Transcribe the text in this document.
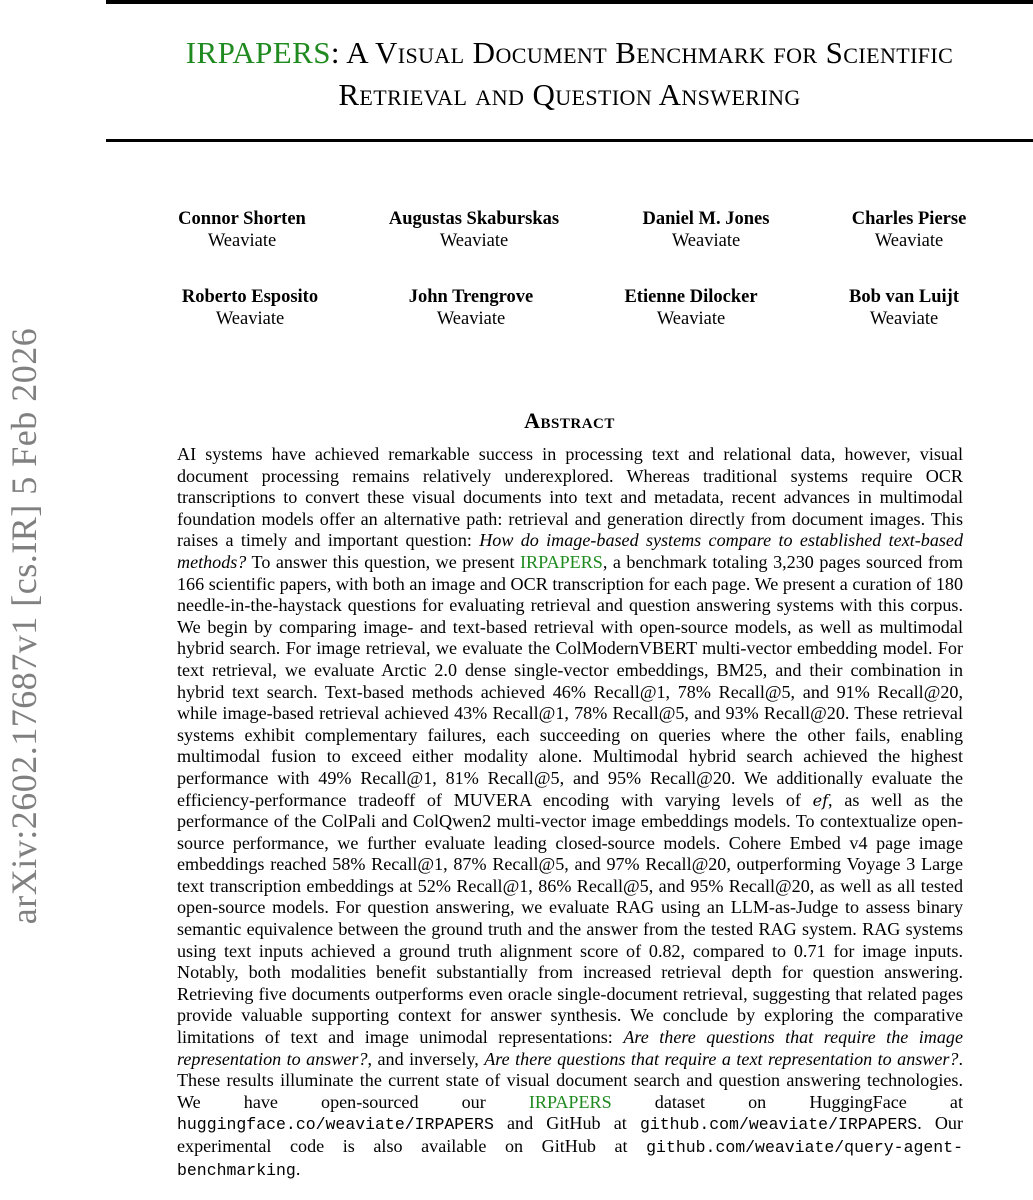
arXiv:2602.17687v1 [cs.IR] 5 Feb 2026
IRPAPERS: A Visual Document Benchmark for Scientific
Retrieval and Question Answering
Connor Shorten
Weaviate
Augustas Skaburskas
Weaviate
Daniel M. Jones
Weaviate
Charles Pierse
Weaviate
Roberto Esposito
Weaviate
John Trengrove
Weaviate
Etienne Dilocker
Weaviate
Bob van Luijt
Weaviate
Abstract

AI systems have achieved remarkable success in processing text and relational data, however, visual document processing remains relatively underexplored. Whereas traditional systems require OCR transcriptions to convert these visual documents into text and metadata, recent advances in multimodal foundation models offer an alternative path: retrieval and generation directly from document images. This raises a timely and important question: How do image-based systems compare to established text-based methods? To answer this question, we present IRPAPERS, a benchmark totaling 3,230 pages sourced from 166 scientific papers, with both an image and OCR transcription for each page. We present a curation of 180 needle-in-the-haystack questions for evaluating retrieval and question answering systems with this corpus. We begin by comparing image- and text-based retrieval with open-source models, as well as multimodal hybrid search. For image retrieval, we evaluate the ColModernVBERT multi-vector embedding model. For text retrieval, we evaluate Arctic 2.0 dense single-vector embeddings, BM25, and their combination in hybrid text search. Text-based methods achieved 46% Recall@1, 78% Recall@5, and 91% Recall@20, while image-based retrieval achieved 43% Recall@1, 78% Recall@5, and 93% Recall@20. These retrieval systems exhibit complementary failures, each succeeding on queries where the other fails, enabling multimodal fusion to exceed either modality alone. Multimodal hybrid search achieved the highest performance with 49% Recall@1, 81% Recall@5, and 95% Recall@20. We additionally evaluate the efficiency-performance tradeoff of MUVERA encoding with varying levels of ef, as well as the performance of the ColPali and ColQwen2 multi-vector image embeddings models. To contextualize open-source performance, we further evaluate leading closed-source models. Cohere Embed v4 page image embeddings reached 58% Recall@1, 87% Recall@5, and 97% Recall@20, outperforming Voyage 3 Large text transcription embeddings at 52% Recall@1, 86% Recall@5, and 95% Recall@20, as well as all tested open-source models. For question answering, we evaluate RAG using an LLM-as-Judge to assess binary semantic equivalence between the ground truth and the answer from the tested RAG system. RAG systems using text inputs achieved a ground truth alignment score of 0.82, compared to 0.71 for image inputs. Notably, both modalities benefit substantially from increased retrieval depth for question answering. Retrieving five documents outperforms even oracle single-document retrieval, suggesting that related pages provide valuable supporting context for answer synthesis. We conclude by exploring the comparative limitations of text and image unimodal representations: Are there questions that require the image representation to answer?, and inversely, Are there questions that require a text representation to answer?. These results illuminate the current state of visual document search and question answering technologies. We have open-sourced our IRPAPERS dataset on HuggingFace at huggingface.co/weaviate/IRPAPERS and GitHub at github.com/weaviate/IRPAPERS. Our experimental code is also available on GitHub at github.com/weaviate/query-agent-benchmarking.
